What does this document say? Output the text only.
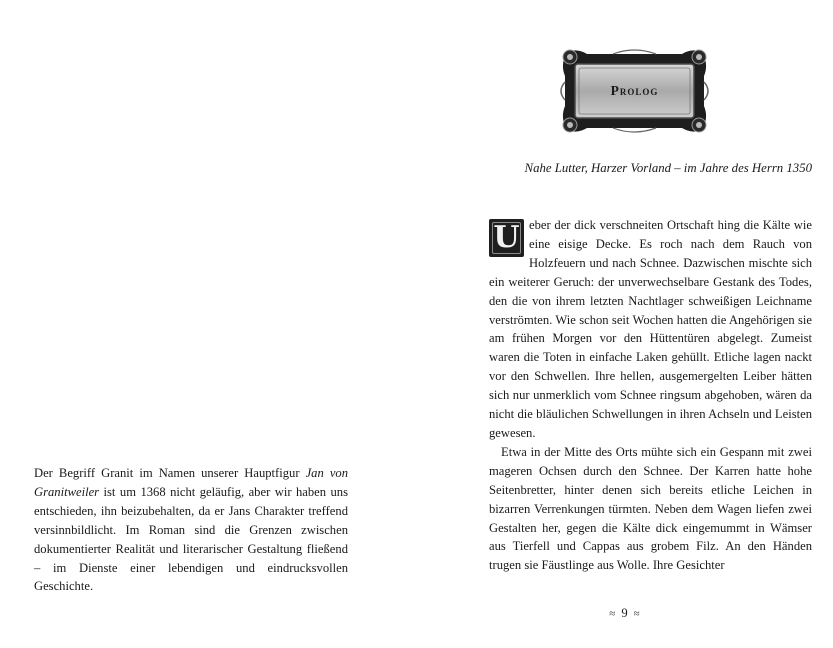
Der Begriff Granit im Namen unserer Hauptfigur Jan von Granitweiler ist um 1368 nicht geläufig, aber wir haben uns entschieden, ihn beizubehalten, da er Jans Charakter treffend versinnbildlicht. Im Roman sind die Grenzen zwischen dokumentierter Realität und literarischer Gestaltung fließend – im Dienste einer lebendigen und eindrucksvollen Geschichte.

Prolog
Nahe Lutter, Harzer Vorland – im Jahre des Herrn 1350

U eber der dick verschneiten Ortschaft hing die Kälte wie eine eisige Decke. Es roch nach dem Rauch von Holzfeuern und nach Schnee. Dazwischen mischte sich ein weiterer Geruch: der unverwechselbare Gestank des Todes, den die von ihrem letzten Nachtlager schweißigen Leichname verströmten. Wie schon seit Wochen hatten die Angehörigen sie am frühen Morgen vor den Hüttentüren abgelegt. Zumeist waren die Toten in einfache Laken gehüllt. Etliche lagen nackt vor den Schwellen. Ihre hellen, ausgemergelten Leiber hätten sich nur unmerklich vom Schnee ringsum abgehoben, wären da nicht die bläulichen Schwellungen in ihren Achseln und Leisten gewesen.

Etwa in der Mitte des Orts mühte sich ein Gespann mit zwei mageren Ochsen durch den Schnee. Der Karren hatte hohe Seitenbretter, hinter denen sich bereits etliche Leichen in bizarren Verrenkungen türmten. Neben dem Wagen liefen zwei Gestalten her, gegen die Kälte dick eingemummt in Wämser aus Tierfell und Cappas aus grobem Filz. An den Händen trugen sie Fäustlinge aus Wolle. Ihre Gesichter

≈ 9 ≈
